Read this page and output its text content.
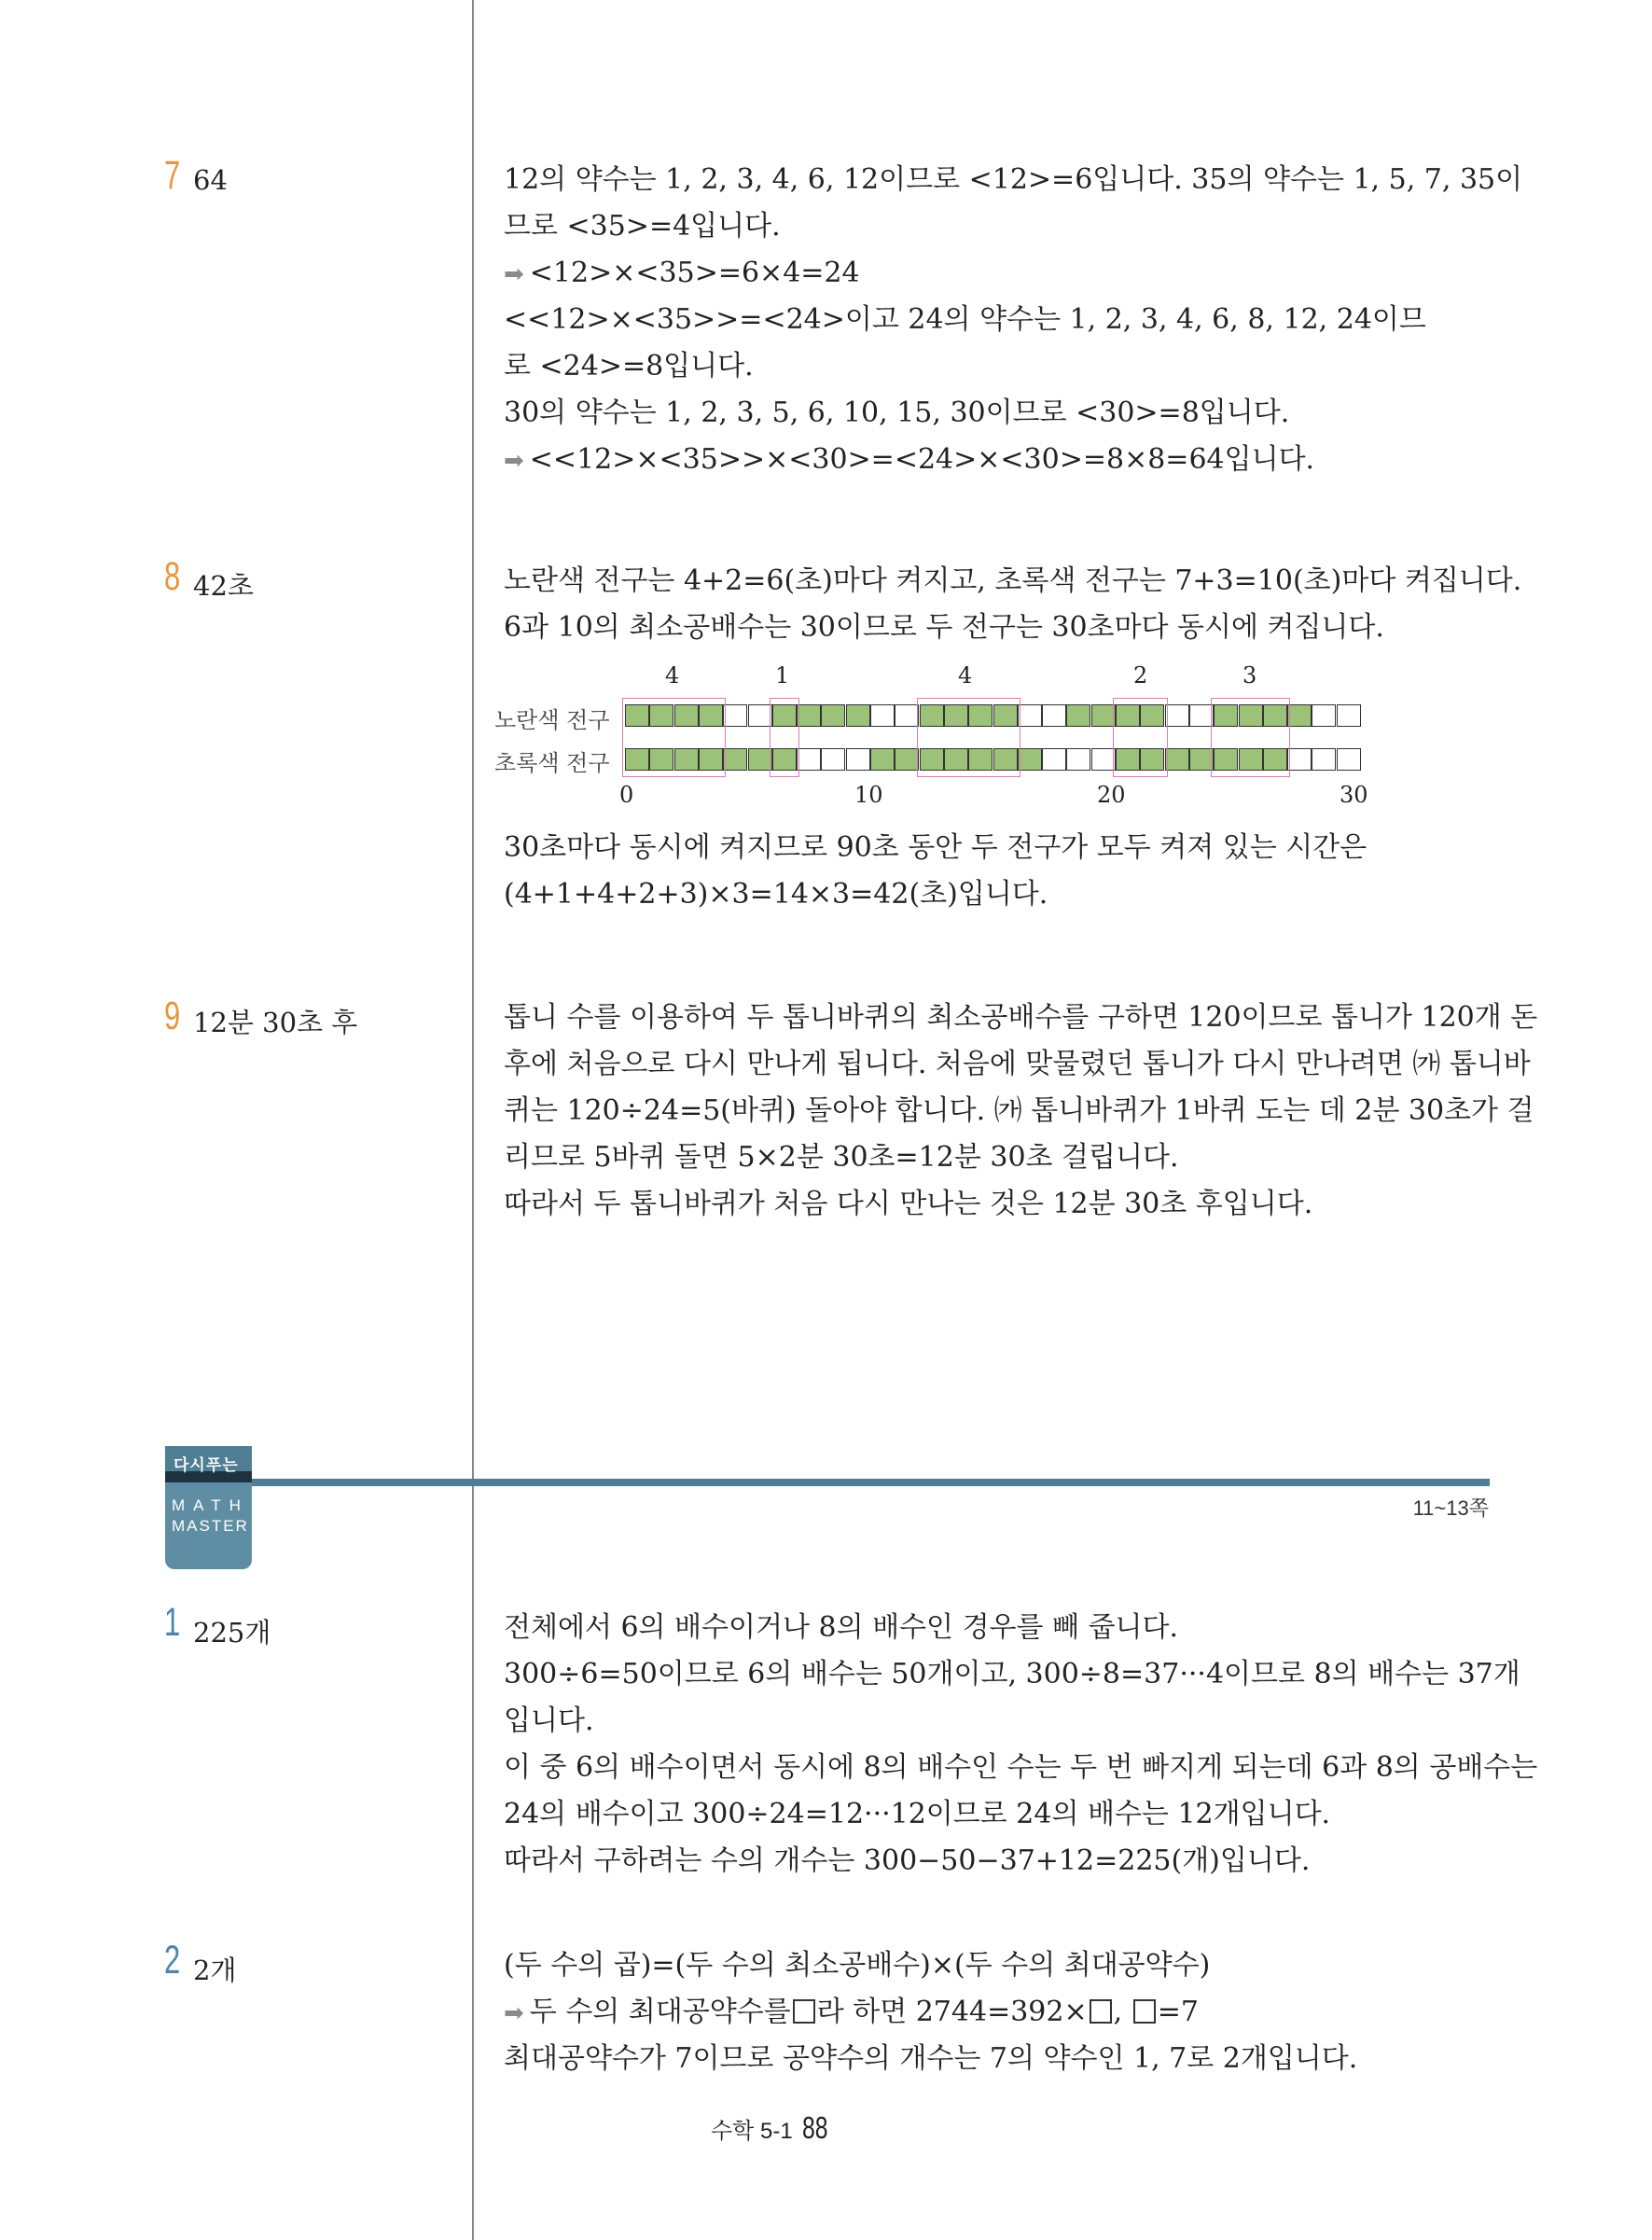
7 64	12의 약수는 1, 2, 3, 4, 6, 12이므로 <12>=6입니다. 35의 약수는 1, 5, 7, 35이
므로 <35>=4입니다.
➡ <12>×<35>=6×4=24
<<12>×<35>>=<24>이고 24의 약수는 1, 2, 3, 4, 6, 8, 12, 24이므
로 <24>=8입니다.
30의 약수는 1, 2, 3, 5, 6, 10, 15, 30이므로 <30>=8입니다.
➡ <<12>×<35>>×<30>=<24>×<30>=8×8=64입니다.
8 42초	노란색 전구는 4+2=6(초)마다 켜지고, 초록색 전구는 7+3=10(초)마다 켜집니다.
6과 10의 최소공배수는 30이므로 두 전구는 30초마다 동시에 켜집니다.
4	1	4	2	3
노란색 전구
초록색 전구
0	10	20	30
30초마다 동시에 켜지므로 90초 동안 두 전구가 모두 켜져 있는 시간은
(4+1+4+2+3)×3=14×3=42(초)입니다.
9 12분 30초 후	톱니 수를 이용하여 두 톱니바퀴의 최소공배수를 구하면 120이므로 톱니가 120개 돈
후에 처음으로 다시 만나게 됩니다. 처음에 맞물렸던 톱니가 다시 만나려면 ㈎ 톱니바
퀴는 120÷24=5(바퀴) 돌아야 합니다. ㈎ 톱니바퀴가 1바퀴 도는 데 2분 30초가 걸
리므로 5바퀴 돌면 5×2분 30초=12분 30초 걸립니다.
따라서 두 톱니바퀴가 처음 다시 만나는 것은 12분 30초 후입니다.
다시푸는
MATH
MASTER
11~13쪽
1 225개	전체에서 6의 배수이거나 8의 배수인 경우를 빼 줍니다.
300÷6=50이므로 6의 배수는 50개이고, 300÷8=37···4이므로 8의 배수는 37개
입니다.
이 중 6의 배수이면서 동시에 8의 배수인 수는 두 번 빠지게 되는데 6과 8의 공배수는
24의 배수이고 300÷24=12···12이므로 24의 배수는 12개입니다.
따라서 구하려는 수의 개수는 300−50−37+12=225(개)입니다.
2 2개	(두 수의 곱)=(두 수의 최소공배수)×(두 수의 최대공약수)
➡ 두 수의 최대공약수를 라 하면 2744=392× , =7
최대공약수가 7이므로 공약수의 개수는 7의 약수인 1, 7로 2개입니다.
수학 5-1 88
